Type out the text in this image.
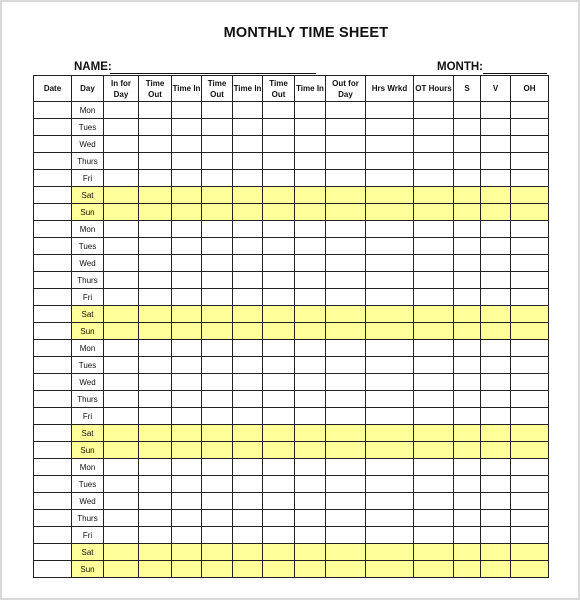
MONTHLY TIME SHEET
NAME:	MONTH:
Date	Day	In for Day	Time Out	Time In	Time Out	Time In	Time Out	Time In	Out for Day	Hrs Wrkd	OT Hours	S	V	OH
	Mon													
	Tues													
	Wed													
	Thurs													
	Fri													
	Sat													
	Sun													
	Mon													
	Tues													
	Wed													
	Thurs													
	Fri													
	Sat													
	Sun													
	Mon													
	Tues													
	Wed													
	Thurs													
	Fri													
	Sat													
	Sun													
	Mon													
	Tues													
	Wed													
	Thurs													
	Fri													
	Sat													
	Sun													
